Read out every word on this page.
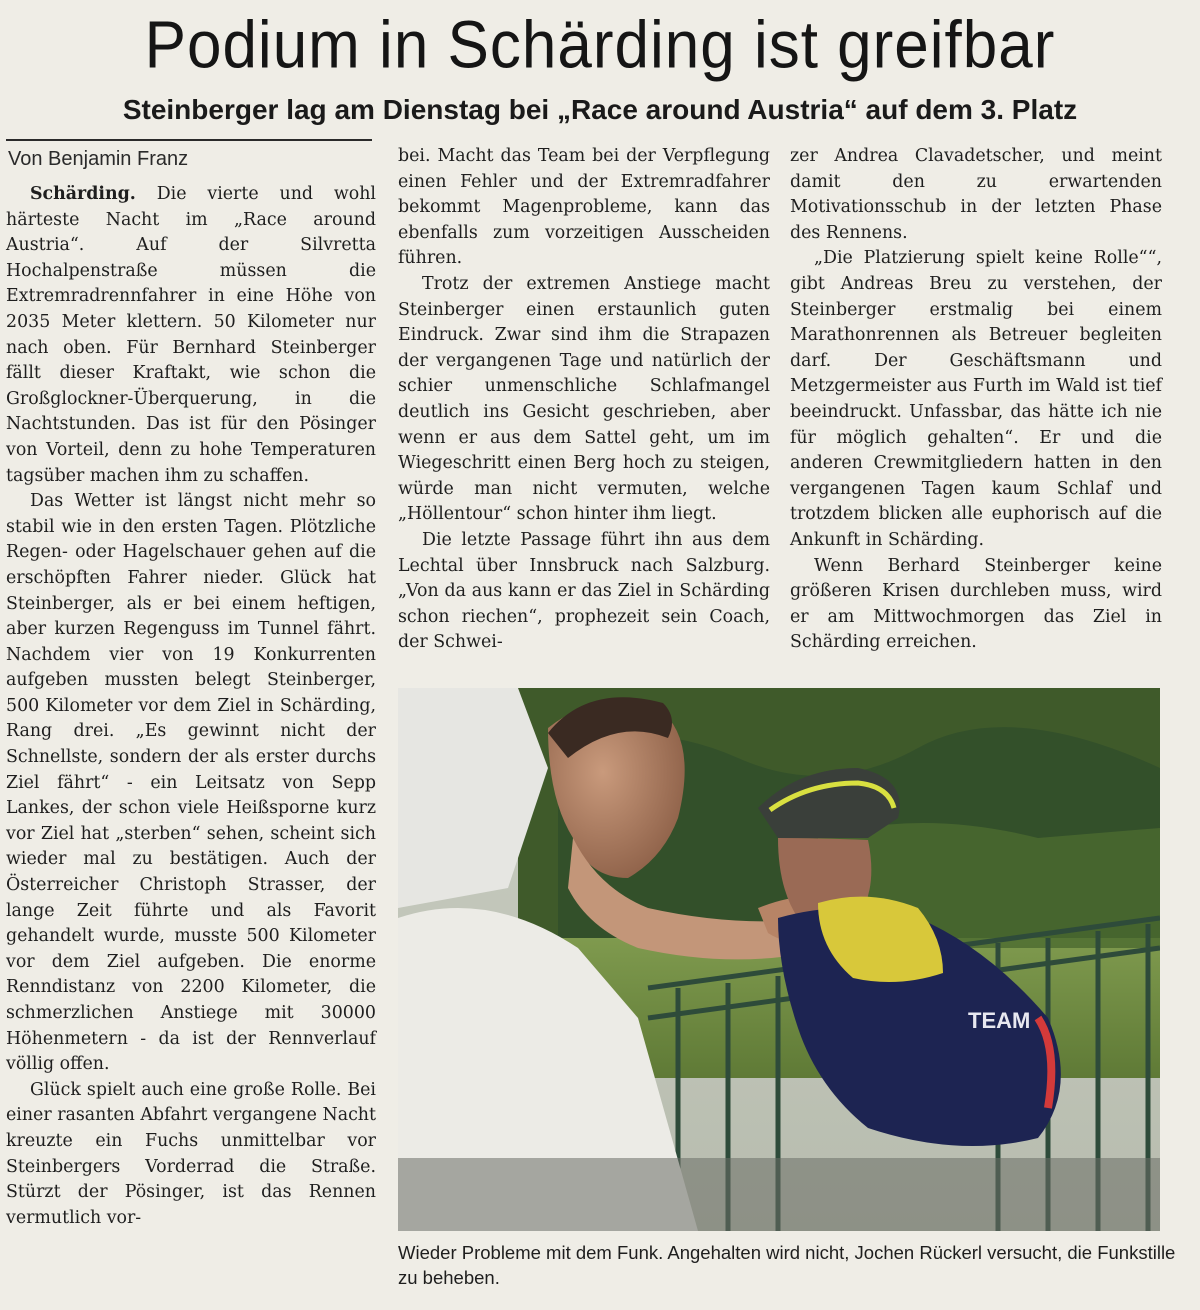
Podium in Schärding ist greifbar
Steinberger lag am Dienstag bei „Race around Austria“ auf dem 3. Platz
Von Benjamin Franz

Schärding. Die vierte und wohl härteste Nacht im „Race around Austria“. Auf der Silvretta Hochalpenstraße müssen die Extremradrennfahrer in eine Höhe von 2035 Meter klettern. 50 Kilometer nur nach oben. Für Bernhard Steinberger fällt dieser Kraftakt, wie schon die Großglockner-Überquerung, in die Nachtstunden. Das ist für den Pösinger von Vorteil, denn zu hohe Temperaturen tagsüber machen ihm zu schaffen.

Das Wetter ist längst nicht mehr so stabil wie in den ersten Tagen. Plötzliche Regen- oder Hagelschauer gehen auf die erschöpften Fahrer nieder. Glück hat Steinberger, als er bei einem heftigen, aber kurzen Regenguss im Tunnel fährt. Nachdem vier von 19 Konkurrenten aufgeben mussten belegt Steinberger, 500 Kilometer vor dem Ziel in Schärding, Rang drei. „Es gewinnt nicht der Schnellste, sondern der als erster durchs Ziel fährt“ - ein Leitsatz von Sepp Lankes, der schon viele Heißsporne kurz vor Ziel hat „sterben“ sehen, scheint sich wieder mal zu bestätigen. Auch der Österreicher Christoph Strasser, der lange Zeit führte und als Favorit gehandelt wurde, musste 500 Kilometer vor dem Ziel aufgeben. Die enorme Renndistanz von 2200 Kilometer, die schmerzlichen Anstiege mit 30000 Höhenmetern - da ist der Rennverlauf völlig offen.

Glück spielt auch eine große Rolle. Bei einer rasanten Abfahrt vergangene Nacht kreuzte ein Fuchs unmittelbar vor Steinbergers Vorderrad die Straße. Stürzt der Pösinger, ist das Rennen vermutlich vor-

bei. Macht das Team bei der Verpflegung einen Fehler und der Extremradfahrer bekommt Magenprobleme, kann das ebenfalls zum vorzeitigen Ausscheiden führen.

Trotz der extremen Anstiege macht Steinberger einen erstaunlich guten Eindruck. Zwar sind ihm die Strapazen der vergangenen Tage und natürlich der schier unmenschliche Schlafmangel deutlich ins Gesicht geschrieben, aber wenn er aus dem Sattel geht, um im Wiegeschritt einen Berg hoch zu steigen, würde man nicht vermuten, welche „Höllentour“ schon hinter ihm liegt.

Die letzte Passage führt ihn aus dem Lechtal über Innsbruck nach Salzburg. „Von da aus kann er das Ziel in Schärding schon riechen“, prophezeit sein Coach, der Schwei-

zer Andrea Clavadetscher, und meint damit den zu erwartenden Motivationsschub in der letzten Phase des Rennens.

„Die Platzierung spielt keine Rolle““, gibt Andreas Breu zu verstehen, der Steinberger erstmalig bei einem Marathonrennen als Betreuer begleiten darf. Der Geschäftsmann und Metzgermeister aus Furth im Wald ist tief beeindruckt. Unfassbar, das hätte ich nie für möglich gehalten“. Er und die anderen Crewmitgliedern hatten in den vergangenen Tagen kaum Schlaf und trotzdem blicken alle euphorisch auf die Ankunft in Schärding.

Wenn Berhard Steinberger keine größeren Krisen durchleben muss, wird er am Mittwochmorgen das Ziel in Schärding erreichen.

TEAM
Wieder Probleme mit dem Funk. Angehalten wird nicht, Jochen Rückerl versucht, die Funkstille zu beheben.
